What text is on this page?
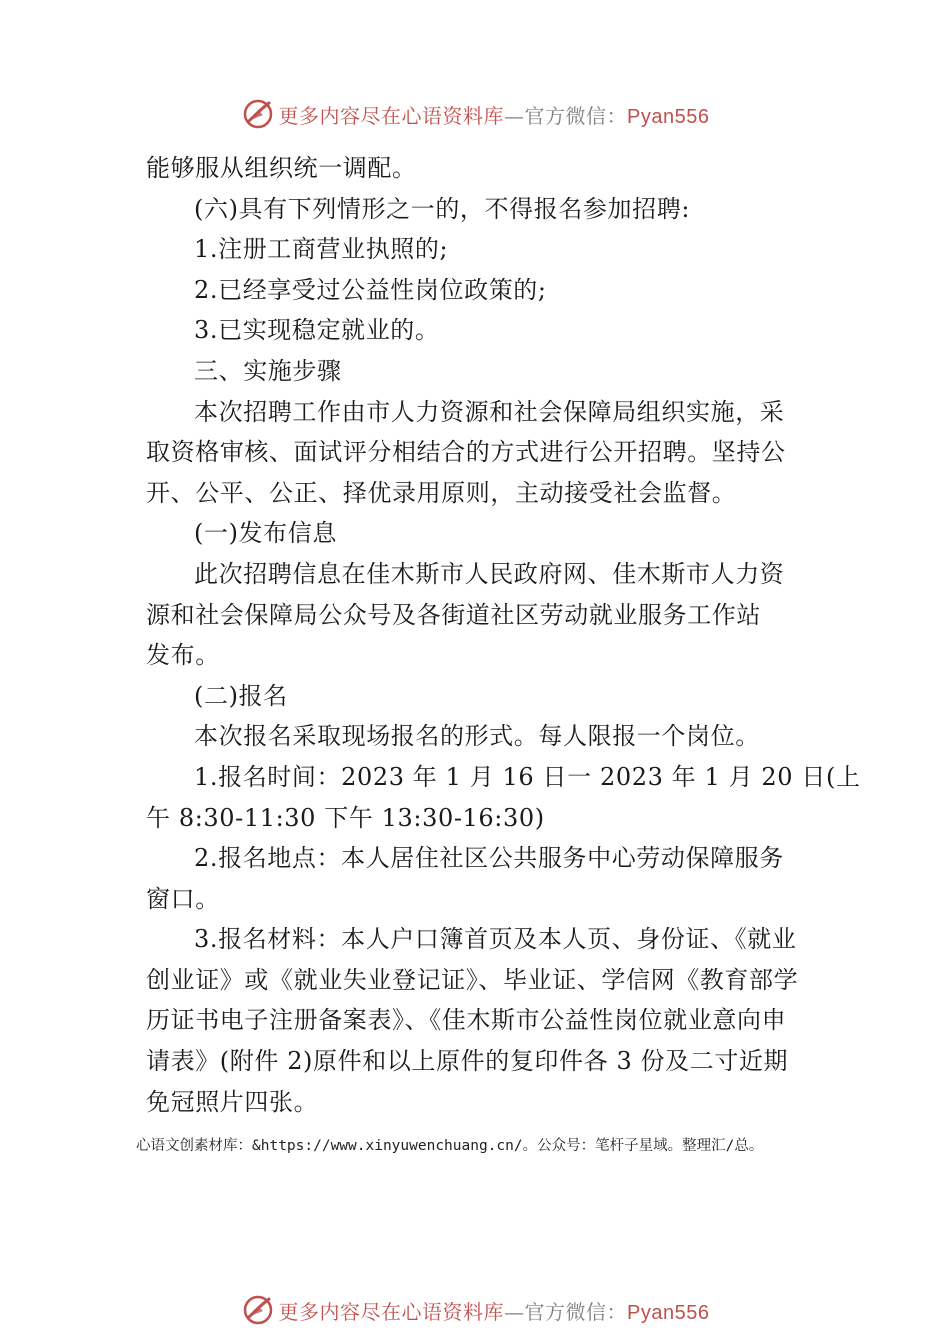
更多内容尽在心语资料库—官方微信：Pyan556

能够服从组织统一调配。

(六)具有下列情形之一的，不得报名参加招聘:

1.注册工商营业执照的;

2.已经享受过公益性岗位政策的;

3.已实现稳定就业的。

三、实施步骤

本次招聘工作由市人力资源和社会保障局组织实施，采

取资格审核、面试评分相结合的方式进行公开招聘。坚持公

开、公平、公正、择优录用原则，主动接受社会监督。

(一)发布信息

此次招聘信息在佳木斯市人民政府网、佳木斯市人力资

源和社会保障局公众号及各街道社区劳动就业服务工作站

发布。

(二)报名

本次报名采取现场报名的形式。每人限报一个岗位。

1.报名时间：2023 年 1 月 16 日一 2023 年 1 月 20 日(上

午 8:30-11:30 下午 13:30-16:30)

2.报名地点：本人居住社区公共服务中心劳动保障服务

窗口。

3.报名材料：本人户口簿首页及本人页、身份证、《就业

创业证》或《就业失业登记证》、毕业证、学信网《教育部学

历证书电子注册备案表》、《佳木斯市公益性岗位就业意向申

请表》(附件 2)原件和以上原件的复印件各 3 份及二寸近期

免冠照片四张。

心语文创素材库：&https://www.xinyuwenchuang.cn/。公众号：笔杆子星域。整理汇/总。
更多内容尽在心语资料库—官方微信：Pyan556
